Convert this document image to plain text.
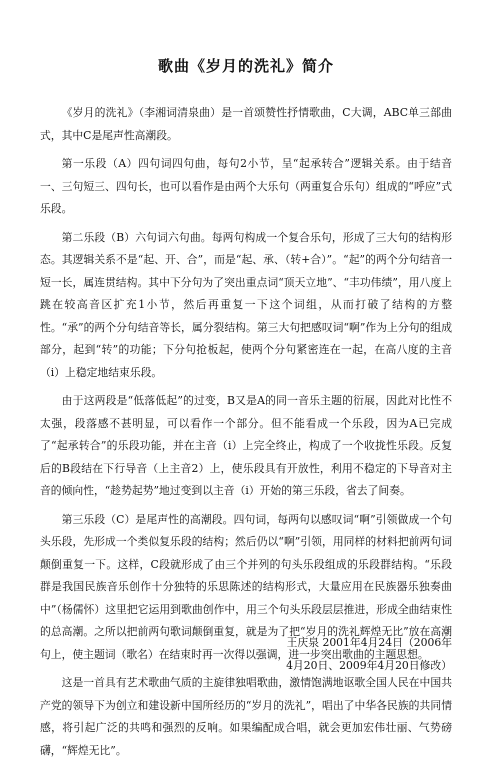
歌曲《岁月的洗礼》简介

《岁月的洗礼》（李湘词清泉曲）是一首颂赞性抒情歌曲，C大调，ABC单三部曲式，其中C是尾声性高潮段。

第一乐段（A）四句词四句曲，每句2小节，呈“起承转合”逻辑关系。由于结音一、三句短三、四句长，也可以看作是由两个大乐句（两重复合乐句）组成的“呼应”式乐段。

第二乐段（B）六句词六句曲。每两句构成一个复合乐句，形成了三大句的结构形态。其逻辑关系不是“起、开、合”，而是“起、承、（转+合）”。“起”的两个分句结音一短一长，属连贯结构。其中下分句为了突出重点词“顶天立地”、“丰功伟绩”，用八度上跳在较高音区扩充1小节，然后再重复一下这个词组，从而打破了结构的方整性。“承”的两个分句结音等长，属分裂结构。第三大句把感叹词“啊”作为上分句的组成部分，起到“转”的功能；下分句抢板起，使两个分句紧密连在一起，在高八度的主音（i）上稳定地结束乐段。

由于这两段是“低落低起”的过变，B又是A的同一音乐主题的衍展，因此对比性不太强，段落感不甚明显，可以看作一个部分。但不能看成一个乐段，因为A已完成了“起承转合”的乐段功能，并在主音（i）上完全终止，构成了一个收拢性乐段。反复后的B段结在下行导音（上主音2）上，使乐段具有开放性，利用不稳定的下导音对主音的倾向性，“趁势起势”地过变到以主音（i）开始的第三乐段，省去了间奏。

第三乐段（C）是尾声性的高潮段。四句词，每两句以感叹词“啊”引领做成一个句头乐段，先形成一个类似复乐段的结构；然后仍以“啊”引领，用同样的材料把前两句词颠倒重复一下。这样，C段就形成了由三个并列的句头乐段组成的乐段群结构。“乐段群是我国民族音乐创作十分独特的乐思陈述的结构形式，大量应用在民族器乐独奏曲中”（杨儒怀）这里把它运用到歌曲创作中，用三个句头乐段层层推进，形成全曲结束性的总高潮。之所以把前两句歌词颠倒重复，就是为了把“岁月的洗礼辉煌无比”放在高潮句上，使主题词（歌名）在结束时再一次得以强调，进一步突出歌曲的主题思想。

这是一首具有艺术歌曲气质的主旋律独唱歌曲，激情饱满地讴歌全国人民在中国共产党的领导下为创立和建设新中国所经历的“岁月的洗礼”，唱出了中华各民族的共同情感，将引起广泛的共鸣和强烈的反响。如果编配成合唱，就会更加宏伟壮丽、气势磅礴，“辉煌无比”。

王庆泉 2001年4月24日（2006年
4月20日、2009年4月20日修改）
